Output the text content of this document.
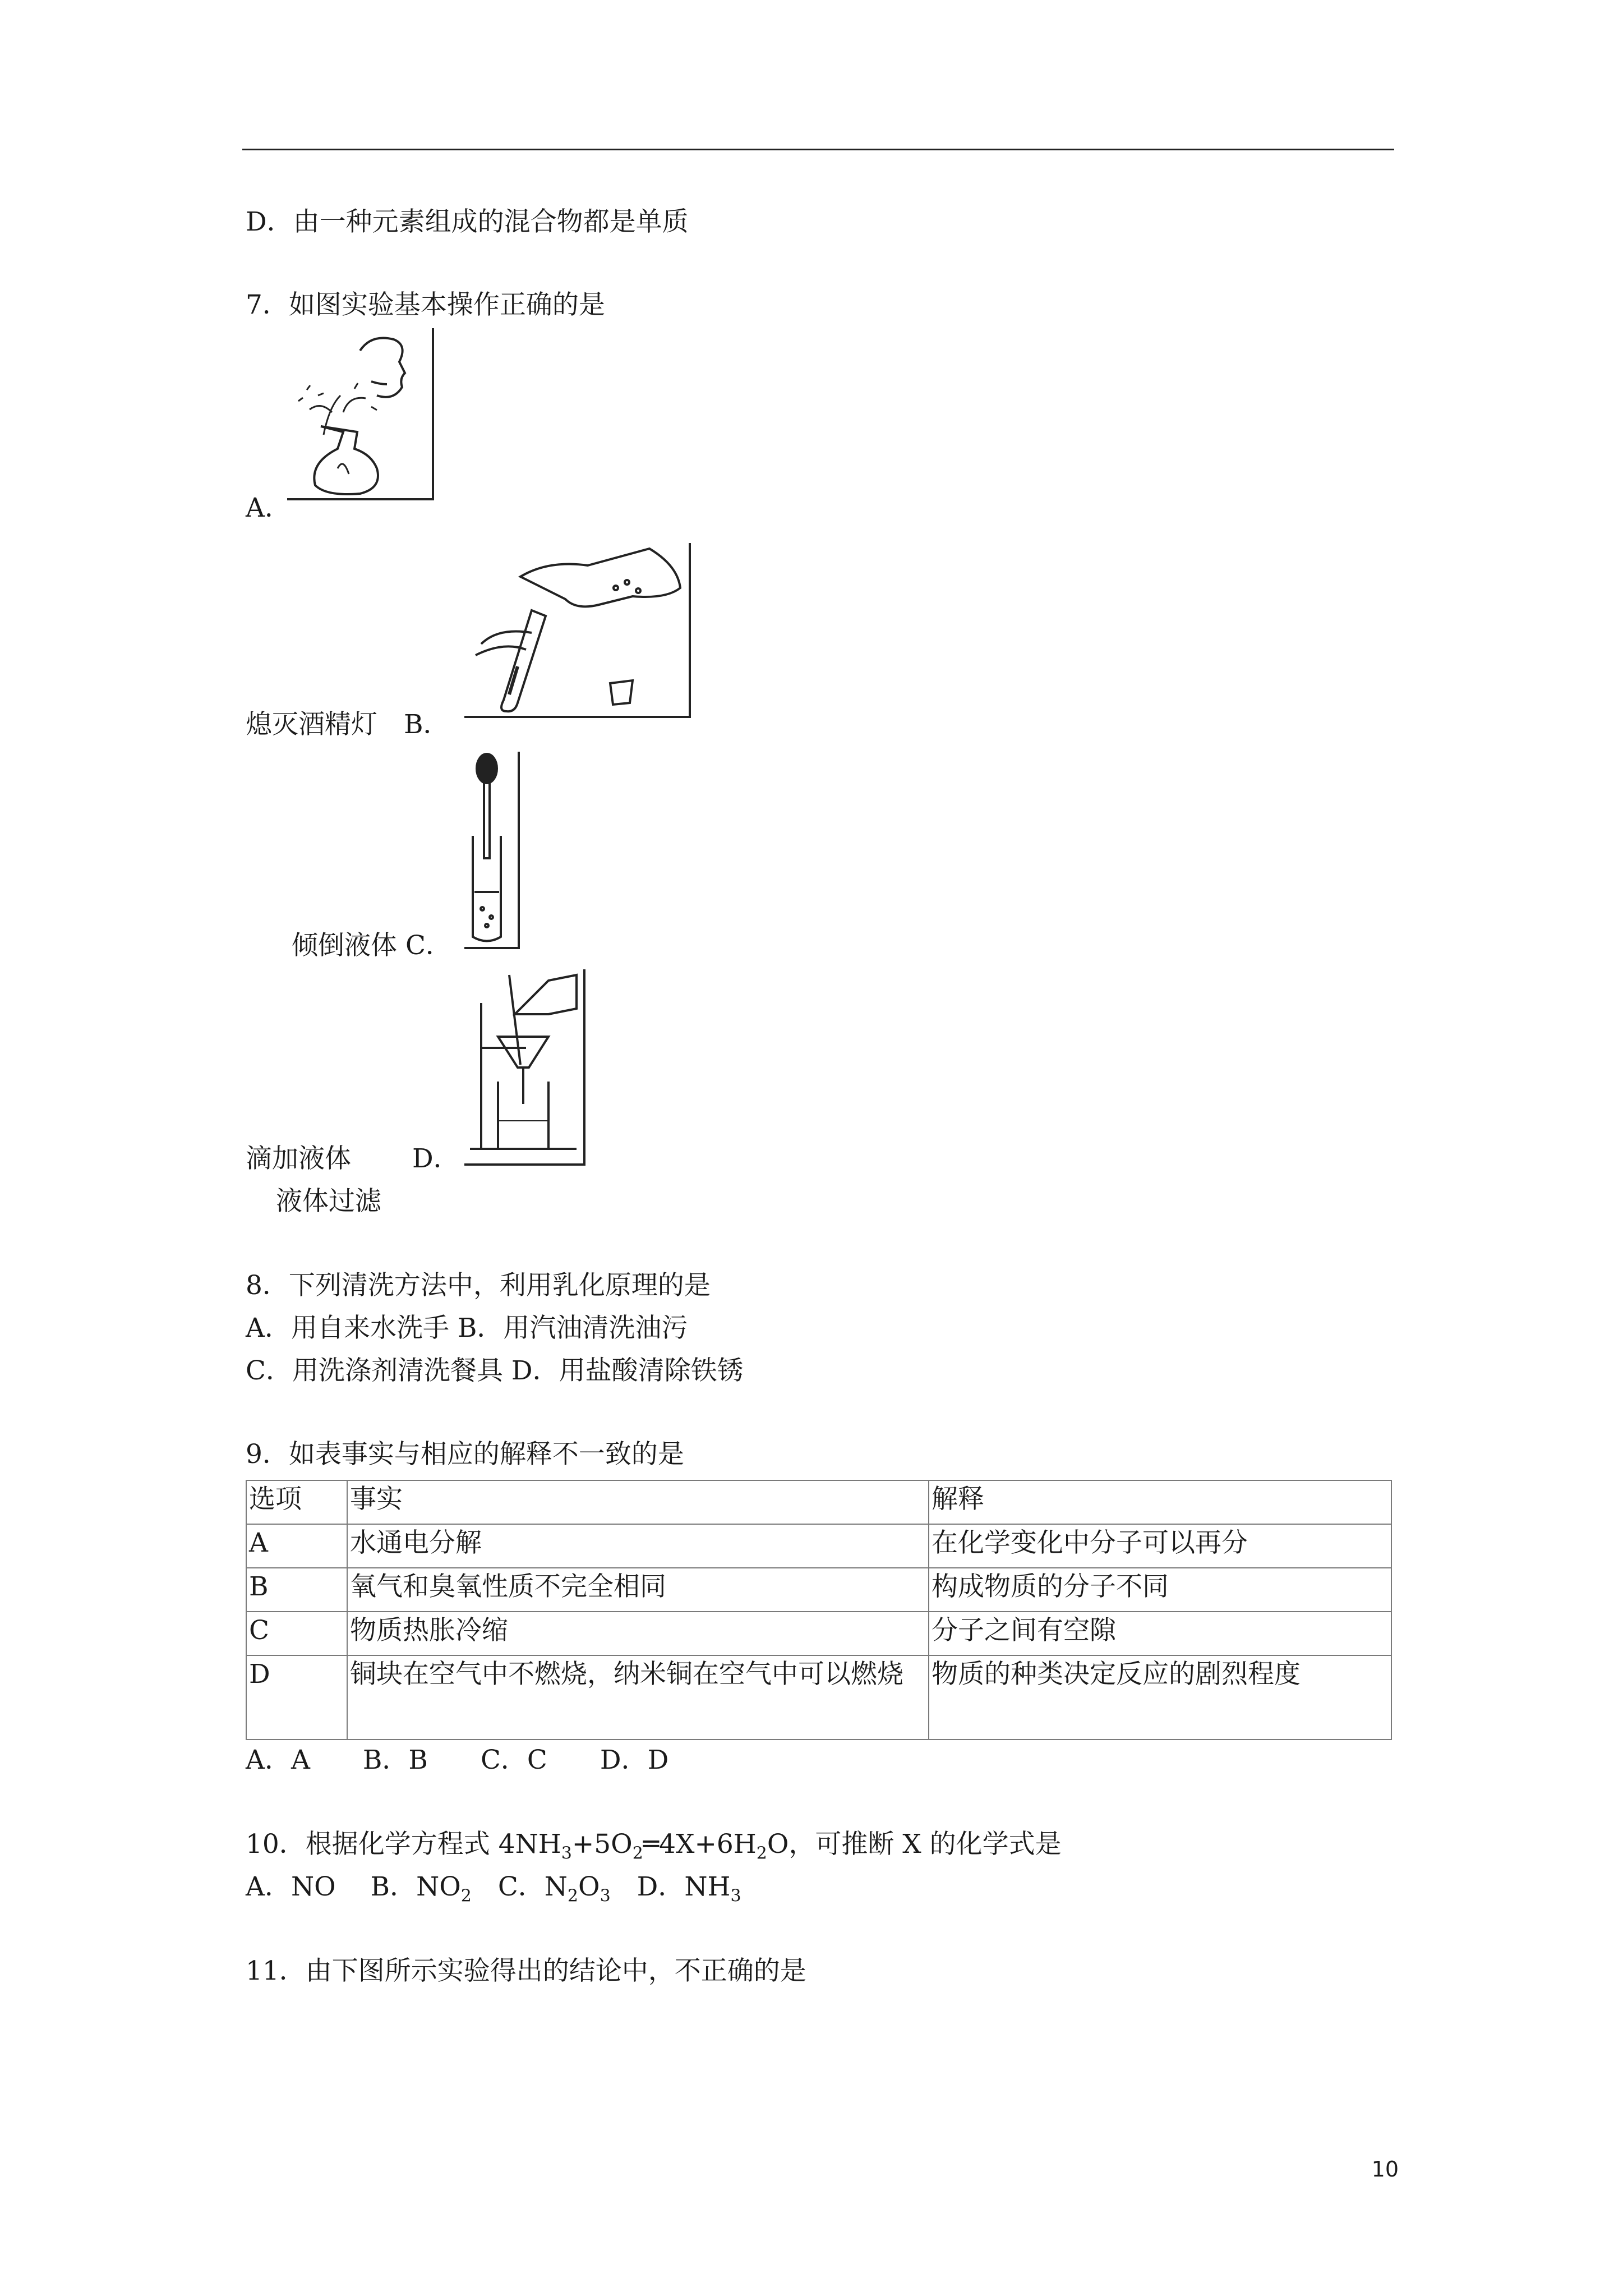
D．由一种元素组成的混合物都是单质
7．如图实验基本操作正确的是
A．
熄灭酒精灯　B．
倾倒液体 C．
滴加液体　　 D．
液体过滤
8．下列清洗方法中，利用乳化原理的是
A．用自来水洗手 B．用汽油清洗油污
C．用洗涤剂清洗餐具 D．用盐酸清除铁锈
9．如表事实与相应的解释不一致的是
选项	事实	解释
A	水通电分解	在化学变化中分子可以再分
B	氧气和臭氧性质不完全相同	构成物质的分子不同
C	物质热胀冷缩	分子之间有空隙
D	铜块在空气中不燃烧，纳米铜在空气中可以燃烧	物质的种类决定反应的剧烈程度
A．A　　B．B　　C．C　　D．D
10．根据化学方程式 $4NH_3+5O_2═4X+6H_2O$，可推断 X 的化学式是
A．NO　 B．$NO_2$　C．$N_2O_3$　D．$NH_3$
11．由下图所示实验得出的结论中，不正确的是
10
